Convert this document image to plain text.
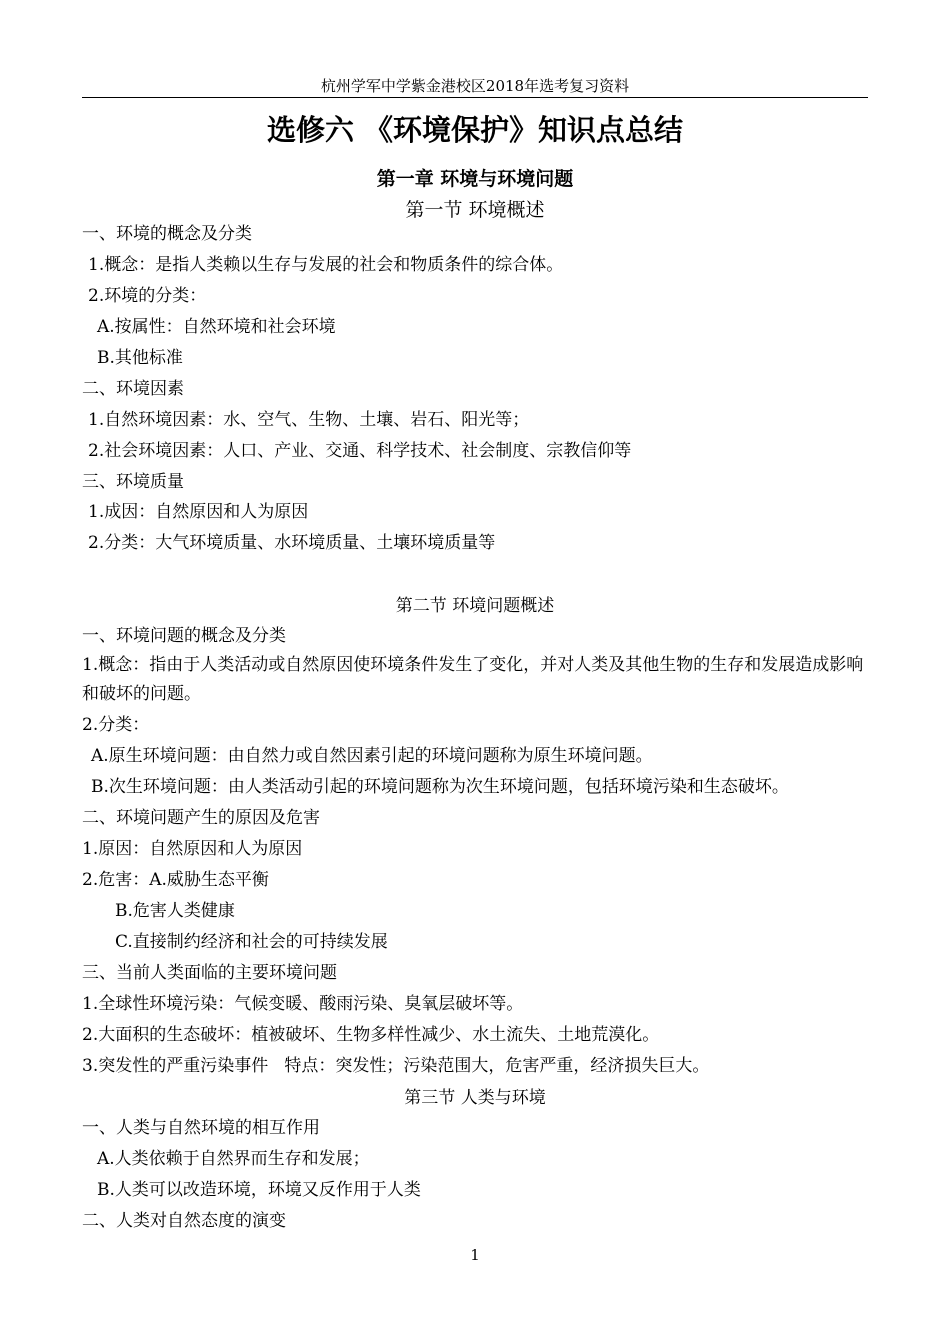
杭州学军中学紫金港校区2018年选考复习资料
选修六 《环境保护》知识点总结
第一章 环境与环境问题
第一节 环境概述
一、环境的概念及分类
1.概念：是指人类赖以生存与发展的社会和物质条件的综合体。
2.环境的分类：
A.按属性：自然环境和社会环境
B.其他标准
二、环境因素
1.自然环境因素：水、空气、生物、土壤、岩石、阳光等；
2.社会环境因素：人口、产业、交通、科学技术、社会制度、宗教信仰等
三、环境质量
1.成因：自然原因和人为原因
2.分类：大气环境质量、水环境质量、土壤环境质量等
第二节 环境问题概述
一、环境问题的概念及分类
1.概念：指由于人类活动或自然原因使环境条件发生了变化，并对人类及其他生物的生存和发展造成影响和破坏的问题。
2.分类：
A.原生环境问题：由自然力或自然因素引起的环境问题称为原生环境问题。
B.次生环境问题：由人类活动引起的环境问题称为次生环境问题，包括环境污染和生态破坏。
二、环境问题产生的原因及危害
1.原因：自然原因和人为原因
2.危害：A.威胁生态平衡
B.危害人类健康
C.直接制约经济和社会的可持续发展
三、当前人类面临的主要环境问题
1.全球性环境污染：气候变暖、酸雨污染、臭氧层破坏等。
2.大面积的生态破坏：植被破坏、生物多样性减少、水土流失、土地荒漠化。
3.突发性的严重污染事件   特点：突发性；污染范围大，危害严重，经济损失巨大。
第三节 人类与环境
一、人类与自然环境的相互作用
A.人类依赖于自然界而生存和发展；
B.人类可以改造环境，环境又反作用于人类
二、人类对自然态度的演变
1
